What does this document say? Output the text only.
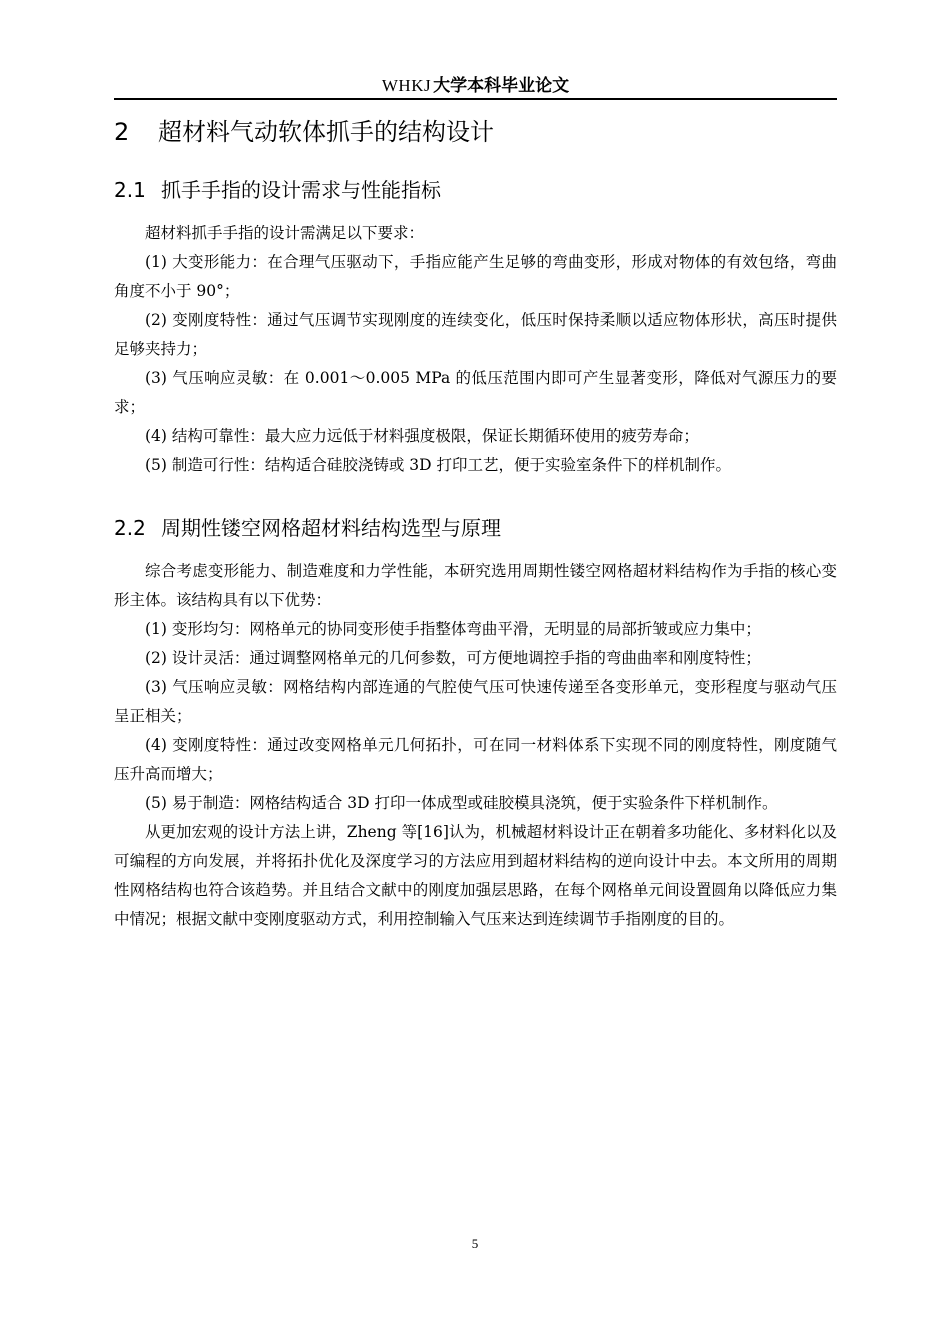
WHKJ 大学本科毕业论文
2 超材料气动软体抓手的结构设计
2.1 抓手手指的设计需求与性能指标

超材料抓手手指的设计需满足以下要求：

(1) 大变形能力：在合理气压驱动下，手指应能产生足够的弯曲变形，形成对物体的有效包络，弯曲角度不小于 90°；

(2) 变刚度特性：通过气压调节实现刚度的连续变化，低压时保持柔顺以适应物体形状，高压时提供足够夹持力；

(3) 气压响应灵敏：在 0.001～0.005 MPa 的低压范围内即可产生显著变形，降低对气源压力的要求；

(4) 结构可靠性：最大应力远低于材料强度极限，保证长期循环使用的疲劳寿命；

(5) 制造可行性：结构适合硅胶浇铸或 3D 打印工艺，便于实验室条件下的样机制作。

2.2 周期性镂空网格超材料结构选型与原理

综合考虑变形能力、制造难度和力学性能，本研究选用周期性镂空网格超材料结构作为手指的核心变形主体。该结构具有以下优势：

(1) 变形均匀：网格单元的协同变形使手指整体弯曲平滑，无明显的局部折皱或应力集中；

(2) 设计灵活：通过调整网格单元的几何参数，可方便地调控手指的弯曲曲率和刚度特性；

(3) 气压响应灵敏：网格结构内部连通的气腔使气压可快速传递至各变形单元，变形程度与驱动气压呈正相关；

(4) 变刚度特性：通过改变网格单元几何拓扑，可在同一材料体系下实现不同的刚度特性，刚度随气压升高而增大；

(5) 易于制造：网格结构适合 3D 打印一体成型或硅胶模具浇筑，便于实验条件下样机制作。

从更加宏观的设计方法上讲，Zheng 等[16]认为，机械超材料设计正在朝着多功能化、多材料化以及可编程的方向发展，并将拓扑优化及深度学习的方法应用到超材料结构的逆向设计中去。本文所用的周期性网格结构也符合该趋势。并且结合文献中的刚度加强层思路，在每个网格单元间设置圆角以降低应力集中情况；根据文献中变刚度驱动方式，利用控制输入气压来达到连续调节手指刚度的目的。

5
